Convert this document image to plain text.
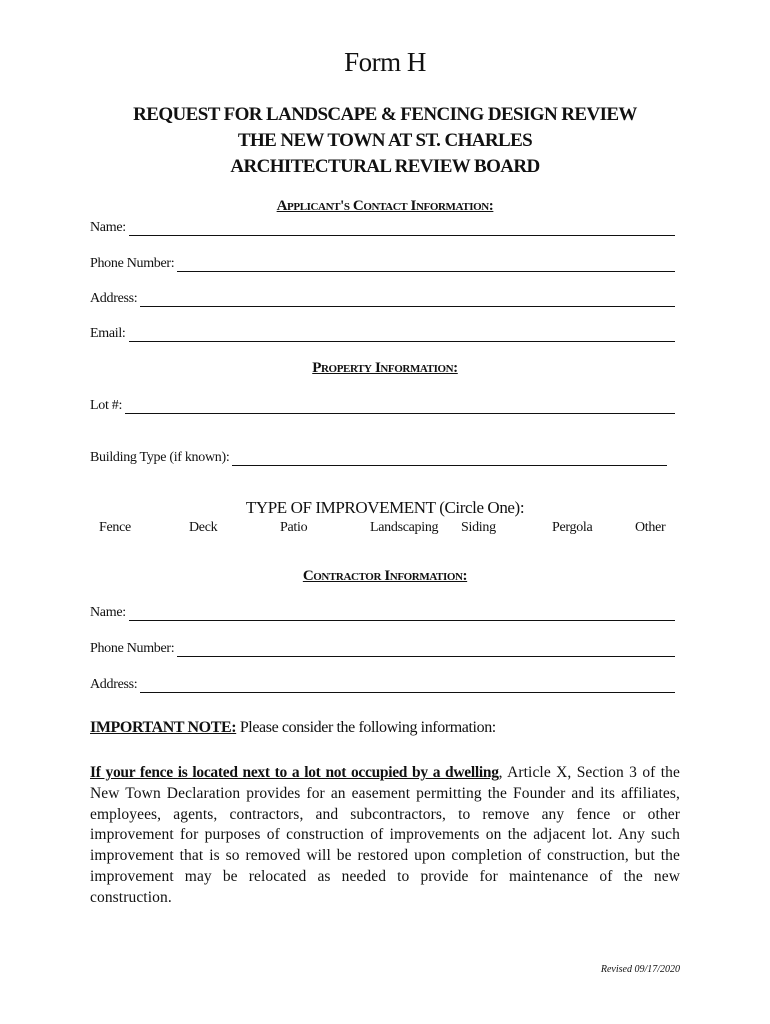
Form H
REQUEST FOR LANDSCAPE & FENCING DESIGN REVIEW
THE NEW TOWN AT ST. CHARLES
ARCHITECTURAL REVIEW BOARD
Applicant's Contact Information:
Name:
Phone Number:
Address:
Email:
Property Information:
Lot #:
Building Type (if known):
TYPE OF IMPROVEMENT (Circle One):
Fence	Deck	Patio	Landscaping Siding	Pergola	Other
Contractor Information:
Name:
Phone Number:
Address:
IMPORTANT NOTE: Please consider the following information:
If your fence is located next to a lot not occupied by a dwelling, Article X, Section 3 of the New Town Declaration provides for an easement permitting the Founder and its affiliates, employees, agents, contractors, and subcontractors, to remove any fence or other improvement for purposes of construction of improvements on the adjacent lot. Any such improvement that is so removed will be restored upon completion of construction, but the improvement may be relocated as needed to provide for maintenance of the new construction.
Revised 09/17/2020
